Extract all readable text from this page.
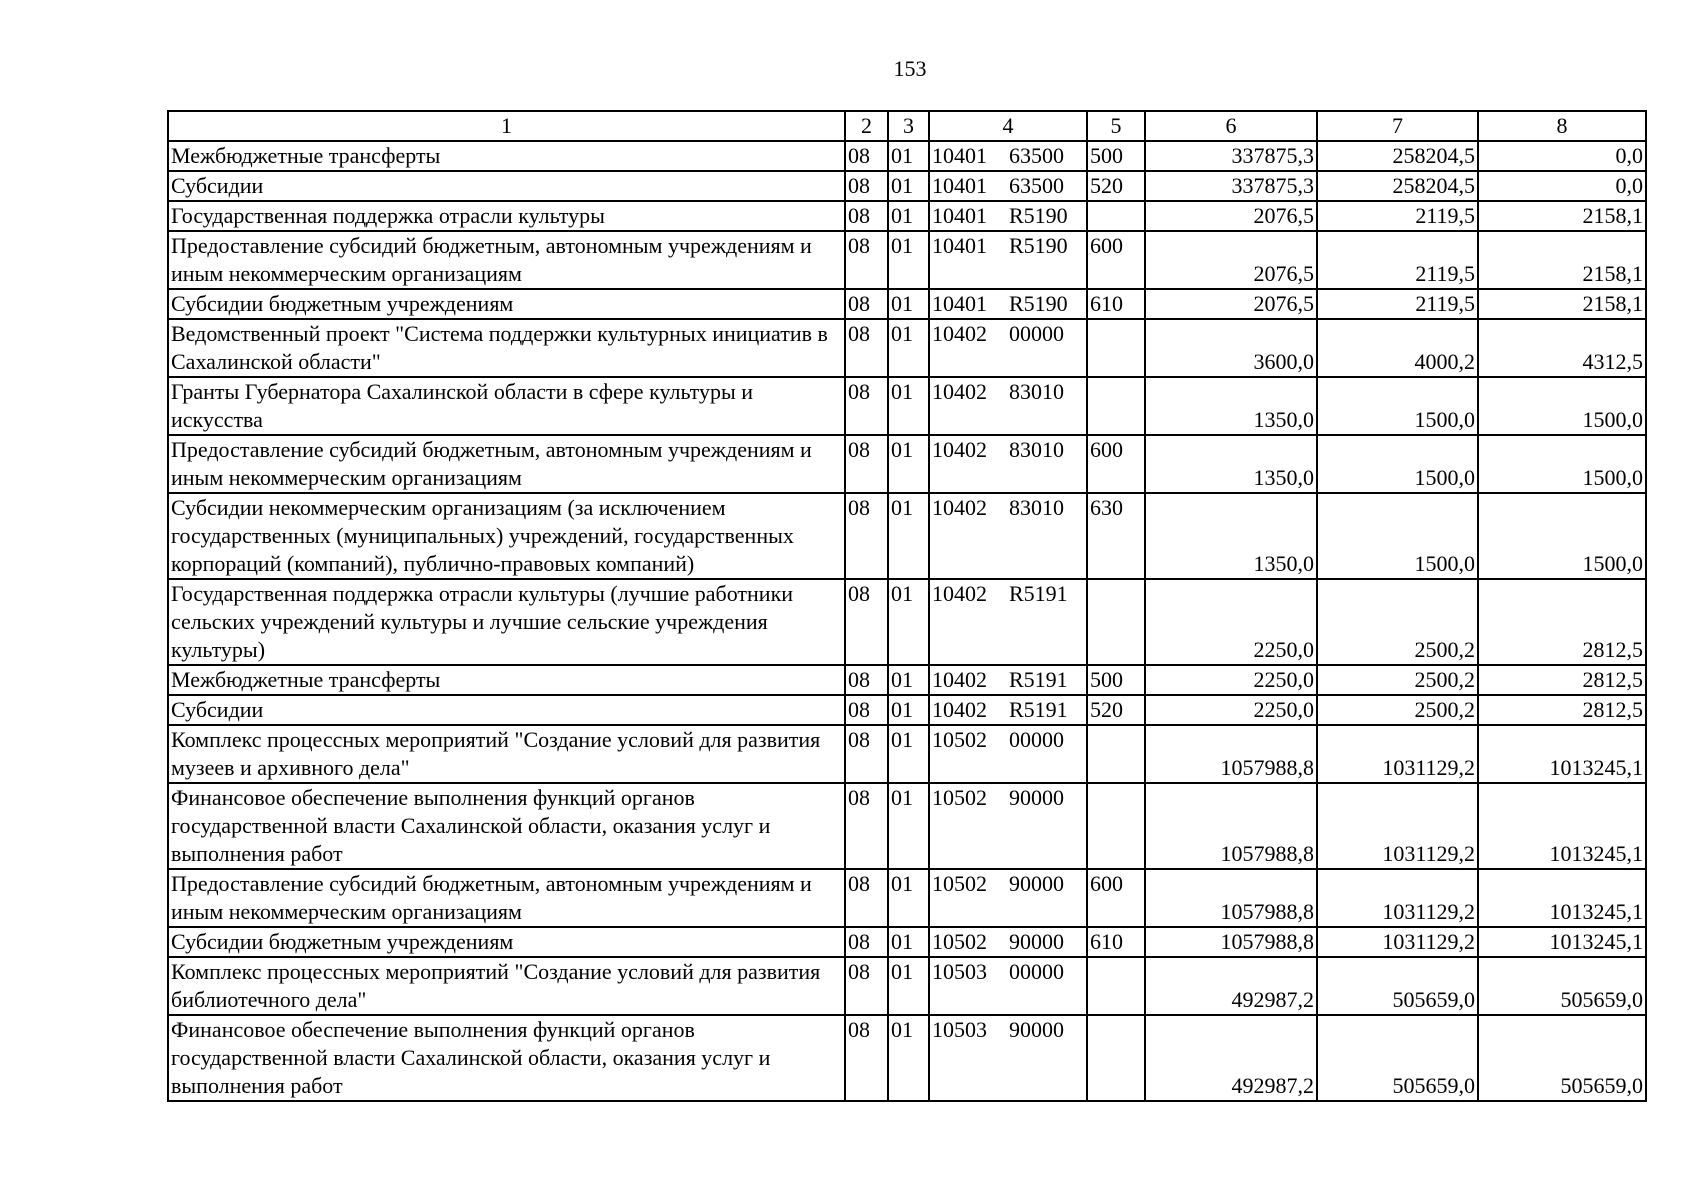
153
1	2	3	4	5	6	7	8
Межбюджетные трансферты	08	01	10401 63500	500	337875,3	258204,5	0,0
Субсидии	08	01	10401 63500	520	337875,3	258204,5	0,0
Государственная поддержка отрасли культуры	08	01	10401 R5190		2076,5	2119,5	2158,1
Предоставление субсидий бюджетным, автономным учреждениям и иным некоммерческим организациям	08	01	10401 R5190	600	2076,5	2119,5	2158,1
Субсидии бюджетным учреждениям	08	01	10401 R5190	610	2076,5	2119,5	2158,1
Ведомственный проект "Система поддержки культурных инициатив в Сахалинской области"	08	01	10402 00000		3600,0	4000,2	4312,5
Гранты Губернатора Сахалинской области в сфере культуры и искусства	08	01	10402 83010		1350,0	1500,0	1500,0
Предоставление субсидий бюджетным, автономным учреждениям и иным некоммерческим организациям	08	01	10402 83010	600	1350,0	1500,0	1500,0
Субсидии некоммерческим организациям (за исключением государственных (муниципальных) учреждений, государственных корпораций (компаний), публично-правовых компаний)	08	01	10402 83010	630	1350,0	1500,0	1500,0
Государственная поддержка отрасли культуры (лучшие работники сельских учреждений культуры и лучшие сельские учреждения культуры)	08	01	10402 R5191		2250,0	2500,2	2812,5
Межбюджетные трансферты	08	01	10402 R5191	500	2250,0	2500,2	2812,5
Субсидии	08	01	10402 R5191	520	2250,0	2500,2	2812,5
Комплекс процессных мероприятий "Создание условий для развития музеев и архивного дела"	08	01	10502 00000		1057988,8	1031129,2	1013245,1
Финансовое обеспечение выполнения функций органов государственной власти Сахалинской области, оказания услуг и выполнения работ	08	01	10502 90000		1057988,8	1031129,2	1013245,1
Предоставление субсидий бюджетным, автономным учреждениям и иным некоммерческим организациям	08	01	10502 90000	600	1057988,8	1031129,2	1013245,1
Субсидии бюджетным учреждениям	08	01	10502 90000	610	1057988,8	1031129,2	1013245,1
Комплекс процессных мероприятий "Создание условий для развития библиотечного дела"	08	01	10503 00000		492987,2	505659,0	505659,0
Финансовое обеспечение выполнения функций органов государственной власти Сахалинской области, оказания услуг и выполнения работ	08	01	10503 90000		492987,2	505659,0	505659,0
